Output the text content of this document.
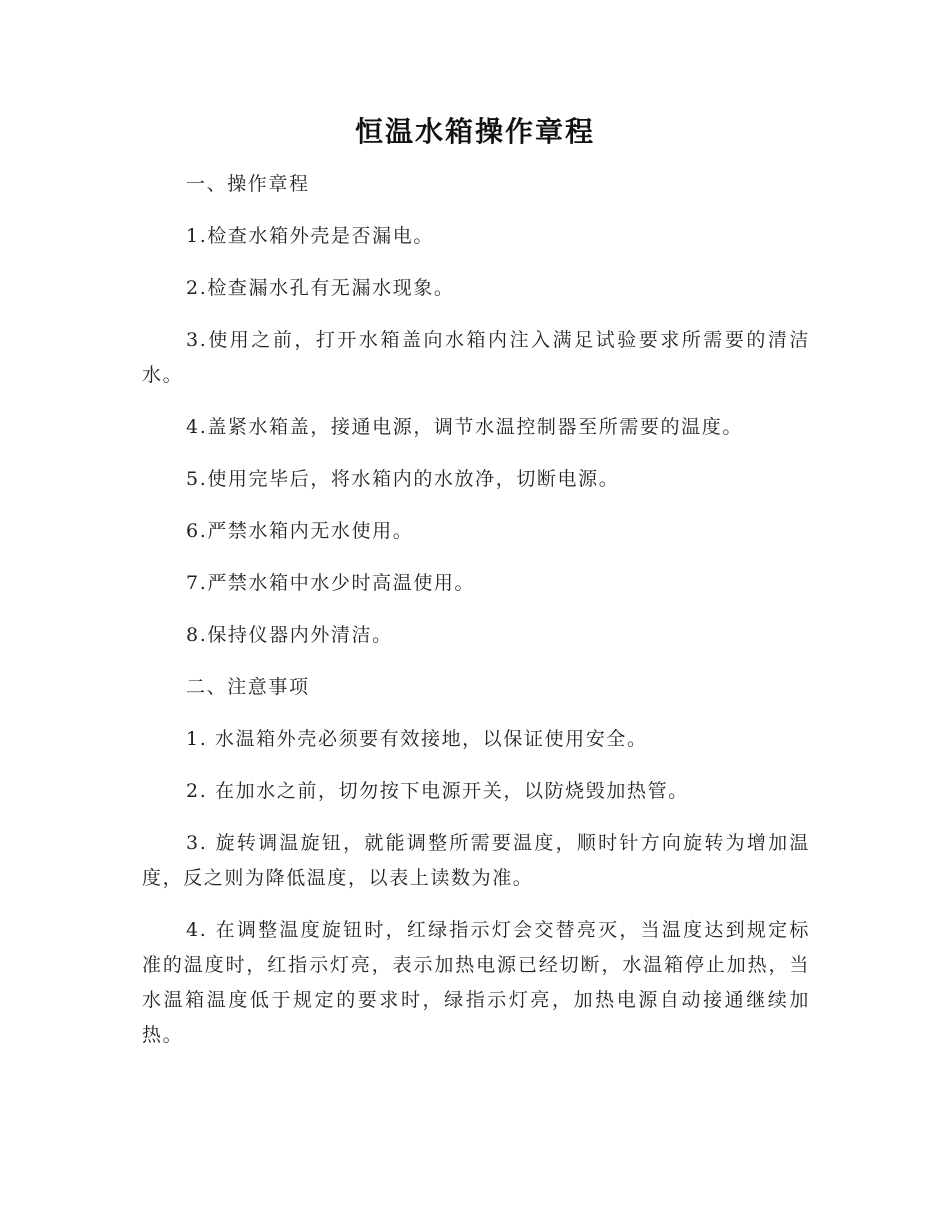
恒温水箱操作章程

一、操作章程

1.检查水箱外壳是否漏电。

2.检查漏水孔有无漏水现象。

3.使用之前，打开水箱盖向水箱内注入满足试验要求所需要的清洁水。

4.盖紧水箱盖，接通电源，调节水温控制器至所需要的温度。

5.使用完毕后，将水箱内的水放净，切断电源。

6.严禁水箱内无水使用。

7.严禁水箱中水少时高温使用。

8.保持仪器内外清洁。

二、注意事项

1. 水温箱外壳必须要有效接地，以保证使用安全。

2. 在加水之前，切勿按下电源开关，以防烧毁加热管。

3. 旋转调温旋钮，就能调整所需要温度，顺时针方向旋转为增加温度，反之则为降低温度，以表上读数为准。

4. 在调整温度旋钮时，红绿指示灯会交替亮灭，当温度达到规定标准的温度时，红指示灯亮，表示加热电源已经切断，水温箱停止加热，当水温箱温度低于规定的要求时，绿指示灯亮，加热电源自动接通继续加热。
